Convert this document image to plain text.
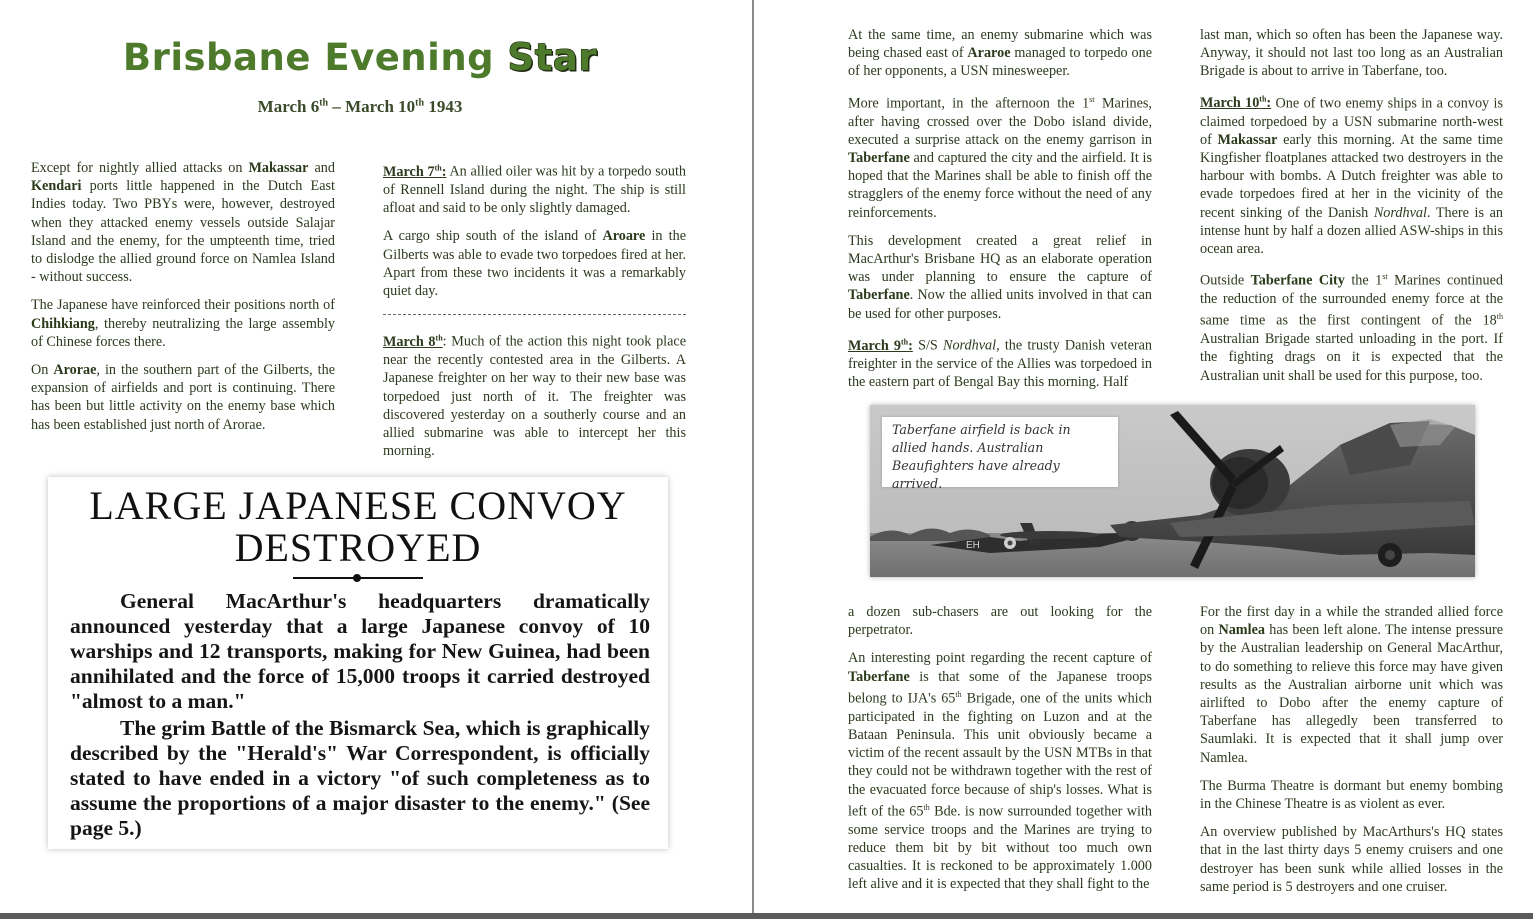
Brisbane Evening Star
March 6th – March 10th 1943

Except for nightly allied attacks on Makassar and Kendari ports little happened in the Dutch East Indies today. Two PBYs were, however, destroyed when they attacked enemy vessels outside Salajar Island and the enemy, for the umpteenth time, tried to dislodge the allied ground force on Namlea Island - without success.

The Japanese have reinforced their positions north of Chihkiang, thereby neutralizing the large assembly of Chinese forces there.

On Arorae, in the southern part of the Gilberts, the expansion of airfields and port is continuing. There has been but little activity on the enemy base which has been established just north of Arorae.

March 7th: An allied oiler was hit by a torpedo south of Rennell Island during the night. The ship is still afloat and said to be only slightly damaged.

A cargo ship south of the island of Aroare in the Gilberts was able to evade two torpedoes fired at her. Apart from these two incidents it was a remarkably quiet day.

March 8th: Much of the action this night took place near the recently contested area in the Gilberts. A Japanese freighter on her way to their new base was torpedoed just north of it. The freighter was discovered yesterday on a southerly course and an allied submarine was able to intercept her this morning.

LARGE JAPANESE CONVOY
DESTROYED

General MacArthur's headquarters dramatically announced yesterday that a large Japanese convoy of 10 warships and 12 transports, making for New Guinea, had been annihilated and the force of 15,000 troops it carried destroyed "almost to a man."

The grim Battle of the Bismarck Sea, which is graphically described by the "Herald's" War Correspondent, is officially stated to have ended in a victory "of such completeness as to assume the proportions of a major disaster to the enemy." (See page 5.)

At the same time, an enemy submarine which was being chased east of Araroe managed to torpedo one of her opponents, a USN minesweeper.

More important, in the afternoon the 1st Marines, after having crossed over the Dobo island divide, executed a surprise attack on the enemy garrison in Taberfane and captured the city and the airfield. It is hoped that the Marines shall be able to finish off the stragglers of the enemy force without the need of any reinforcements.

This development created a great relief in MacArthur's Brisbane HQ as an elaborate operation was under planning to ensure the capture of Taberfane. Now the allied units involved in that can be used for other purposes.

March 9th: S/S Nordhval, the trusty Danish veteran freighter in the service of the Allies was torpedoed in the eastern part of Bengal Bay this morning. Half

last man, which so often has been the Japanese way. Anyway, it should not last too long as an Australian Brigade is about to arrive in Taberfane, too.

March 10th: One of two enemy ships in a convoy is claimed torpedoed by a USN submarine north-west of Makassar early this morning. At the same time Kingfisher floatplanes attacked two destroyers in the harbour with bombs. A Dutch freighter was able to evade torpedoes fired at her in the vicinity of the recent sinking of the Danish Nordhval. There is an intense hunt by half a dozen allied ASW-ships in this ocean area.

Outside Taberfane City the 1st Marines continued the reduction of the surrounded enemy force at the same time as the first contingent of the 18th Australian Brigade started unloading in the port. If the fighting drags on it is expected that the Australian unit shall be used for this purpose, too.

EH
Taberfane airfield is back in allied hands. Australian Beaufighters have already arrived.

a dozen sub-chasers are out looking for the perpetrator.

An interesting point regarding the recent capture of Taberfane is that some of the Japanese troops belong to IJA's 65th Brigade, one of the units which participated in the fighting on Luzon and at the Bataan Peninsula. This unit obviously became a victim of the recent assault by the USN MTBs in that they could not be withdrawn together with the rest of the evacuated force because of ship's losses. What is left of the 65th Bde. is now surrounded together with some service troops and the Marines are trying to reduce them bit by bit without too much own casualties. It is reckoned to be approximately 1.000 left alive and it is expected that they shall fight to the

For the first day in a while the stranded allied force on Namlea has been left alone. The intense pressure by the Australian leadership on General MacArthur, to do something to relieve this force may have given results as the Australian airborne unit which was airlifted to Dobo after the enemy capture of Taberfane has allegedly been transferred to Saumlaki. It is expected that it shall jump over Namlea.

The Burma Theatre is dormant but enemy bombing in the Chinese Theatre is as violent as ever.

An overview published by MacArthurs's HQ states that in the last thirty days 5 enemy cruisers and one destroyer has been sunk while allied losses in the same period is 5 destroyers and one cruiser.
